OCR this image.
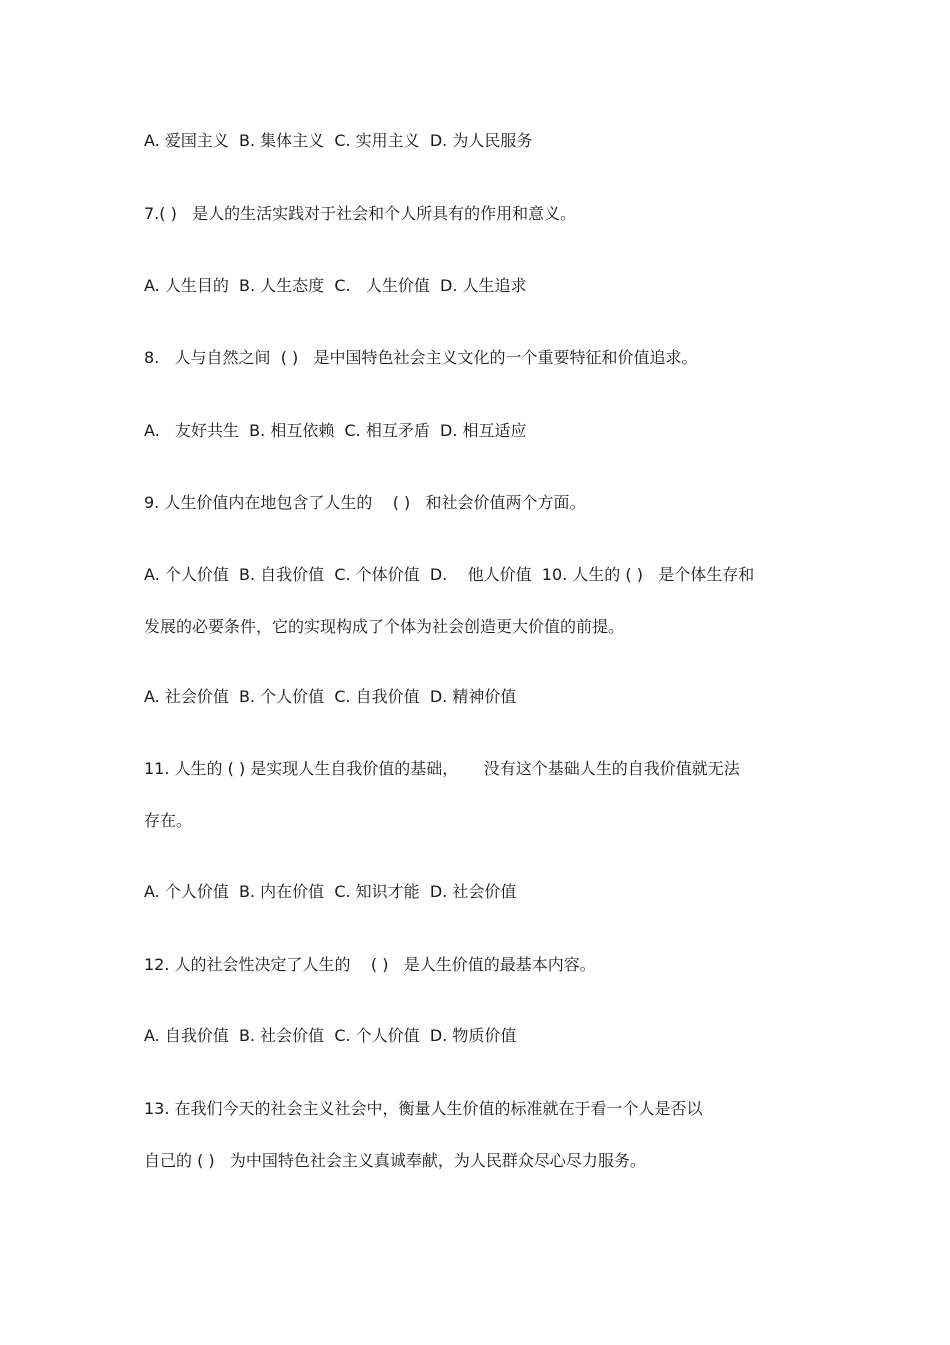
A. 爱国主义  B. 集体主义  C. 实用主义  D. 为人民服务
7.( )   是人的生活实践对于社会和个人所具有的作用和意义。
A. 人生目的  B. 人生态度  C.   人生价值  D. 人生追求
8.   人与自然之间  ( )   是中国特色社会主义文化的一个重要特征和价值追求。
A.   友好共生  B. 相互依赖  C. 相互矛盾  D. 相互适应
9. 人生价值内在地包含了人生的    ( )   和社会价值两个方面。
A. 个人价值  B. 自我价值  C. 个体价值  D.    他人价值  10. 人生的 ( )   是个体生存和
发展的必要条件，它的实现构成了个体为社会创造更大价值的前提。
A. 社会价值  B. 个人价值  C. 自我价值  D. 精神价值
11. 人生的 ( ) 是实现人生自我价值的基础，     没有这个基础人生的自我价值就无法
存在。
A. 个人价值  B. 内在价值  C. 知识才能  D. 社会价值
12. 人的社会性决定了人生的    ( )   是人生价值的最基本内容。
A. 自我价值  B. 社会价值  C. 个人价值  D. 物质价值
13. 在我们今天的社会主义社会中，衡量人生价值的标准就在于看一个人是否以
自己的 ( )   为中国特色社会主义真诚奉献，为人民群众尽心尽力服务。
